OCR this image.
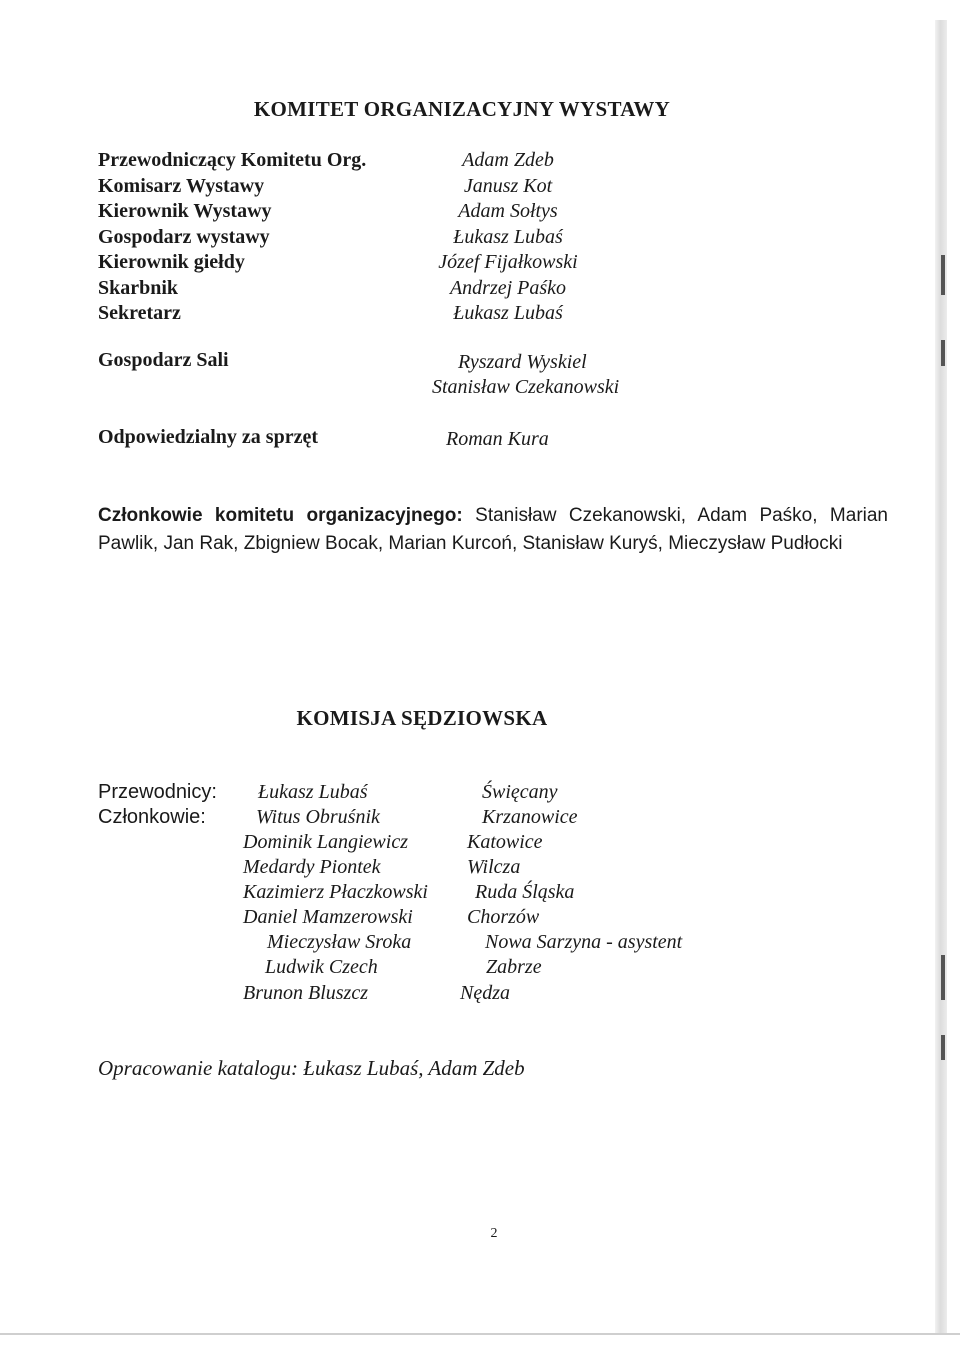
KOMITET ORGANIZACYJNY WYSTAWY
Przewodniczący Komitetu Org.
Komisarz Wystawy
Kierownik Wystawy
Gospodarz wystawy
Kierownik giełdy
Skarbnik
Sekretarz
Gospodarz Sali
Odpowiedzialny za sprzęt
Adam Zdeb
Janusz Kot
Adam Sołtys
Łukasz Lubaś
Józef Fijałkowski
Andrzej Paśko
Łukasz Lubaś
Ryszard Wyskiel
Stanisław Czekanowski
Roman Kura

Członkowie komitetu organizacyjnego: Stanisław Czekanowski, Adam Paśko, Marian Pawlik, Jan Rak, Zbigniew Bocak, Marian Kurcoń, Stanisław Kuryś, Mieczysław Pudłocki

KOMISJA SĘDZIOWSKA
Przewodnicy:
Członkowie:
Łukasz Lubaś
Witus Obruśnik
Dominik Langiewicz
Medardy Piontek
Kazimierz Płaczkowski
Daniel Mamzerowski
Mieczysław Sroka
Ludwik Czech
Brunon Bluszcz
Święcany
Krzanowice
Katowice
Wilcza
Ruda Śląska
Chorzów
Nowa Sarzyna - asystent
Zabrze
Nędza

Opracowanie katalogu: Łukasz Lubaś, Adam Zdeb

2
